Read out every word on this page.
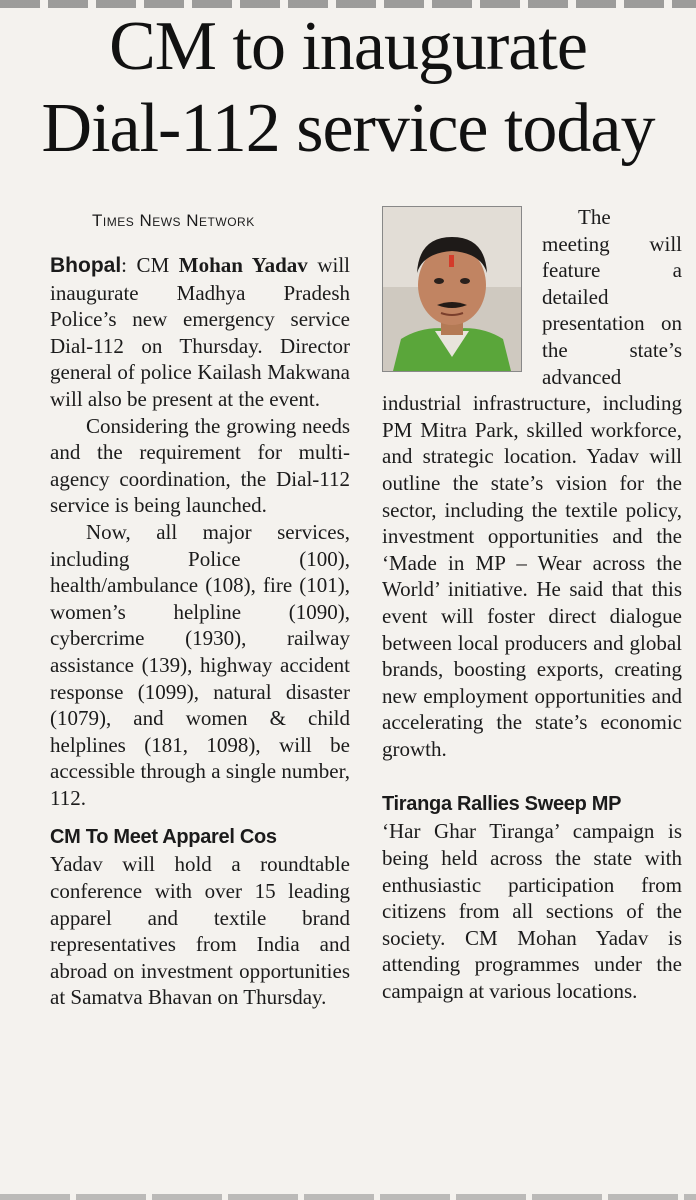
CM to inaugurate
Dial-112 service today
Times News Network

Bhopal: CM Mohan Yadav will inaugurate Madhya Pradesh Police’s new emergency service Dial-112 on Thursday. Director general of police Kailash Makwana will also be present at the event.

Considering the growing needs and the requirement for multi-agency coordination, the Dial-112 service is being launched.

Now, all major services, including Police (100), health/ambulance (108), fire (101), women’s helpline (1090), cybercrime (1930), railway assistance (139), highway accident response (1099), natural disaster (1079), and women & child helplines (181, 1098), will be accessible through a single number, 112.

CM To Meet Apparel Cos

Yadav will hold a roundtable conference with over 15 leading apparel and textile brand representatives from India and abroad on investment opportunities at Samatva Bhavan on Thursday.

The meeting will feature a detailed presentation on the state’s advanced industrial infrastructure, including PM Mitra Park, skilled workforce, and strategic location. Yadav will outline the state’s vision for the sector, including the textile policy, investment opportunities and the ‘Made in MP – Wear across the World’ initiative. He said that this event will foster direct dialogue between local producers and global brands, boosting exports, creating new employment opportunities and accelerating the state’s economic growth.

Tiranga Rallies Sweep MP

‘Har Ghar Tiranga’ campaign is being held across the state with enthusiastic participation from citizens from all sections of the society. CM Mohan Yadav is attending programmes under the campaign at various locations.
